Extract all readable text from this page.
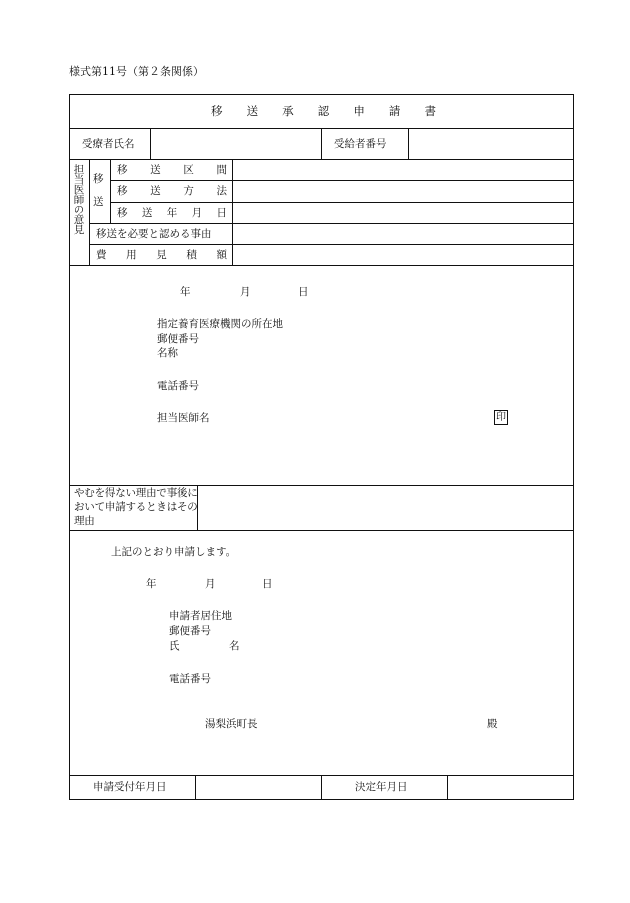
様式第11号（第２条関係）
移 送 承 認 申 請 書
受療者氏名	受給者番号
担当医師の意見 移
送
移 送 区 間
移 送 方 法
移 送 年 月 日
移送を必要と認める事由
費 用 見 積 額
年	月	日
指定養育医療機関の所在地
郵便番号
名称
電話番号
担当医師名	印
やむを得ない理由で事後において申請するときはその理由
上記のとおり申請します。
年	月	日
申請者居住地
郵便番号
氏	名
電話番号
湯梨浜町長	殿
申請受付年月日	決定年月日
